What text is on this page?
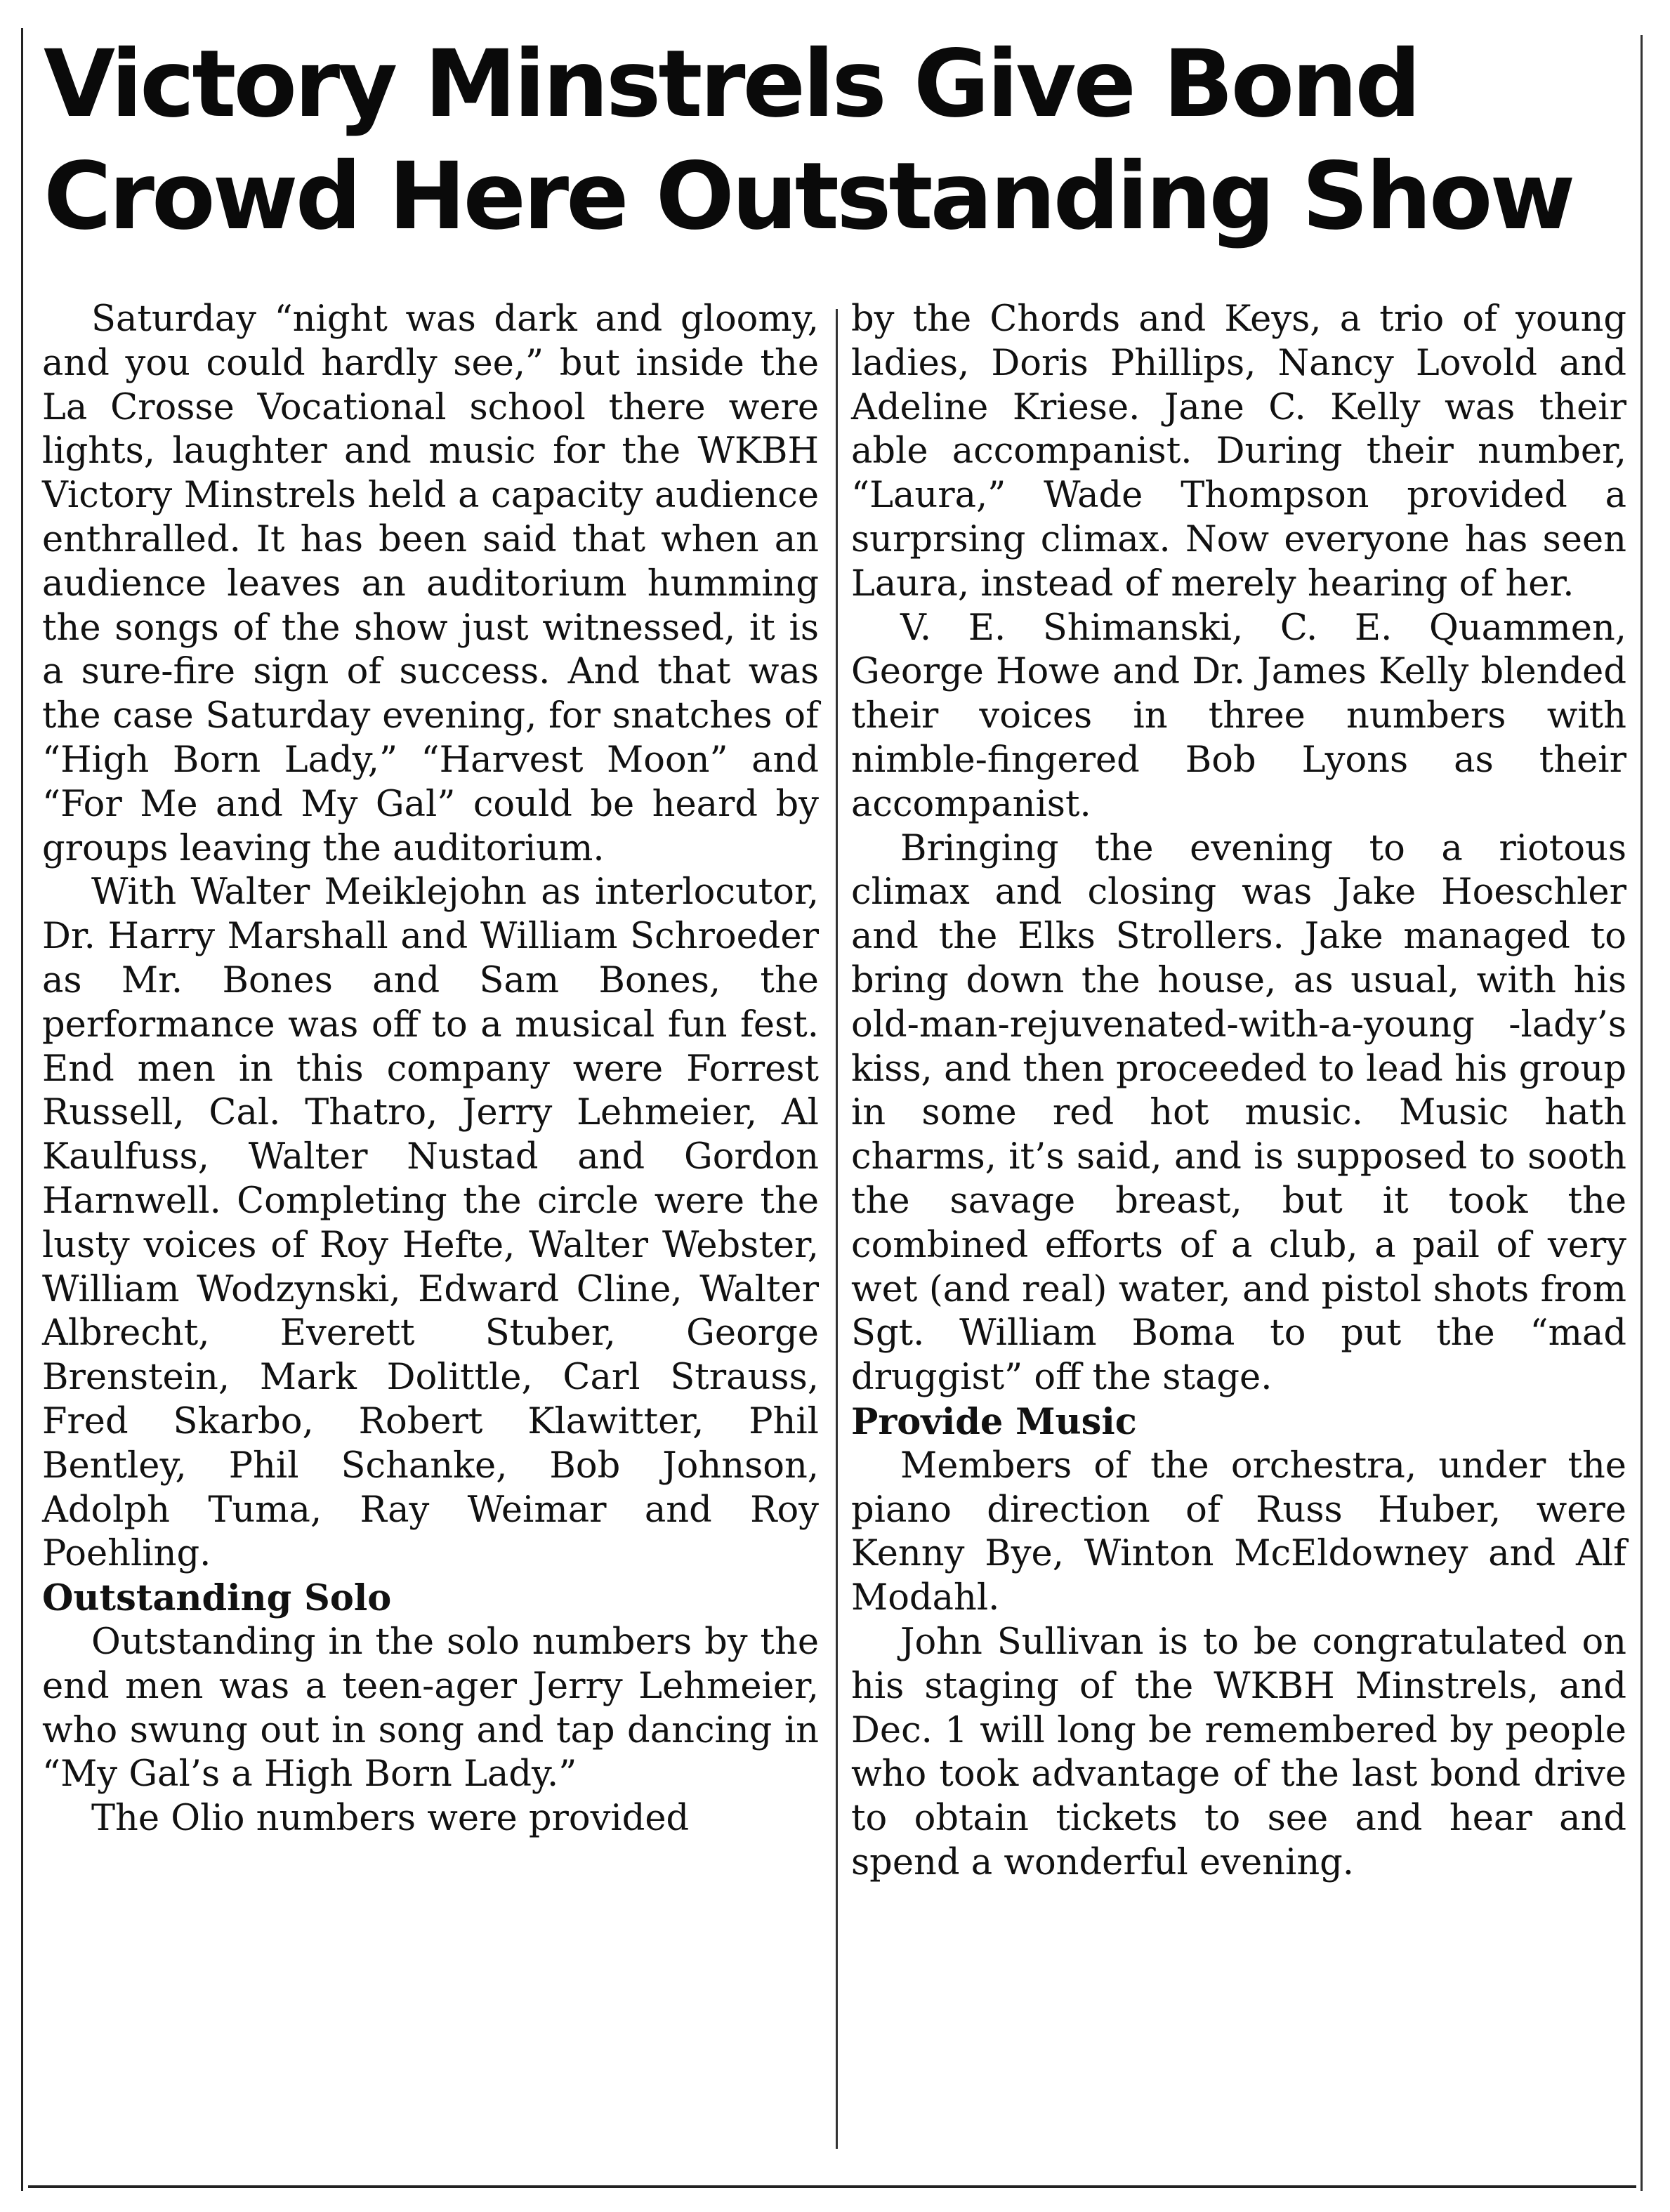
Victory Minstrels Give Bond
Crowd Here Outstanding Show

Saturday “night was dark and gloomy, and you could hardly see,” but inside the La Crosse Vocational school there were lights, laughter and music for the WKBH Victory Minstrels held a capacity audience enthralled. It has been said that when an audience leaves an auditorium humming the songs of the show just witnessed, it is a sure-fire sign of success. And that was the case Saturday evening, for snatches of “High Born Lady,” “Harvest Moon” and “For Me and My Gal” could be heard by groups leaving the auditorium.

With Walter Meiklejohn as interlocutor, Dr. Harry Marshall and William Schroeder as Mr. Bones and Sam Bones, the performance was off to a musical fun fest. End men in this company were Forrest Russell, Cal. Thatro, Jerry Lehmeier, Al Kaulfuss, Walter Nustad and Gordon Harnwell. Completing the circle were the lusty voices of Roy Hefte, Walter Webster, William Wodzynski, Edward Cline, Walter Albrecht, Everett Stuber, George Brenstein, Mark Dolittle, Carl Strauss, Fred Skarbo, Robert Klawitter, Phil Bentley, Phil Schanke, Bob Johnson, Adolph Tuma, Ray Weimar and Roy Poehling.

Outstanding Solo

Outstanding in the solo numbers by the end men was a teen-ager Jerry Lehmeier, who swung out in song and tap dancing in “My Gal’s a High Born Lady.”

The Olio numbers were provided

by the Chords and Keys, a trio of young ladies, Doris Phillips, Nancy Lovold and Adeline Kriese. Jane C. Kelly was their able accompanist. During their number, “Laura,” Wade Thompson provided a surprsing climax. Now everyone has seen Laura, instead of merely hearing of her.

V. E. Shimanski, C. E. Quammen, George Howe and Dr. James Kelly blended their voices in three numbers with nimble-fingered Bob Lyons as their accompanist.

Bringing the evening to a riotous climax and closing was Jake Hoeschler and the Elks Strollers. Jake managed to bring down the house, as usual, with his old-man-rejuvenated-with-a-young -lady’s kiss, and then proceeded to lead his group in some red hot music. Music hath charms, it’s said, and is supposed to sooth the savage breast, but it took the combined efforts of a club, a pail of very wet (and real) water, and pistol shots from Sgt. William Boma to put the “mad druggist” off the stage.

Provide Music

Members of the orchestra, under the piano direction of Russ Huber, were Kenny Bye, Winton McEldowney and Alf Modahl.

John Sullivan is to be congratulated on his staging of the WKBH Minstrels, and Dec. 1 will long be remembered by people who took advantage of the last bond drive to obtain tickets to see and hear and spend a wonderful evening.
